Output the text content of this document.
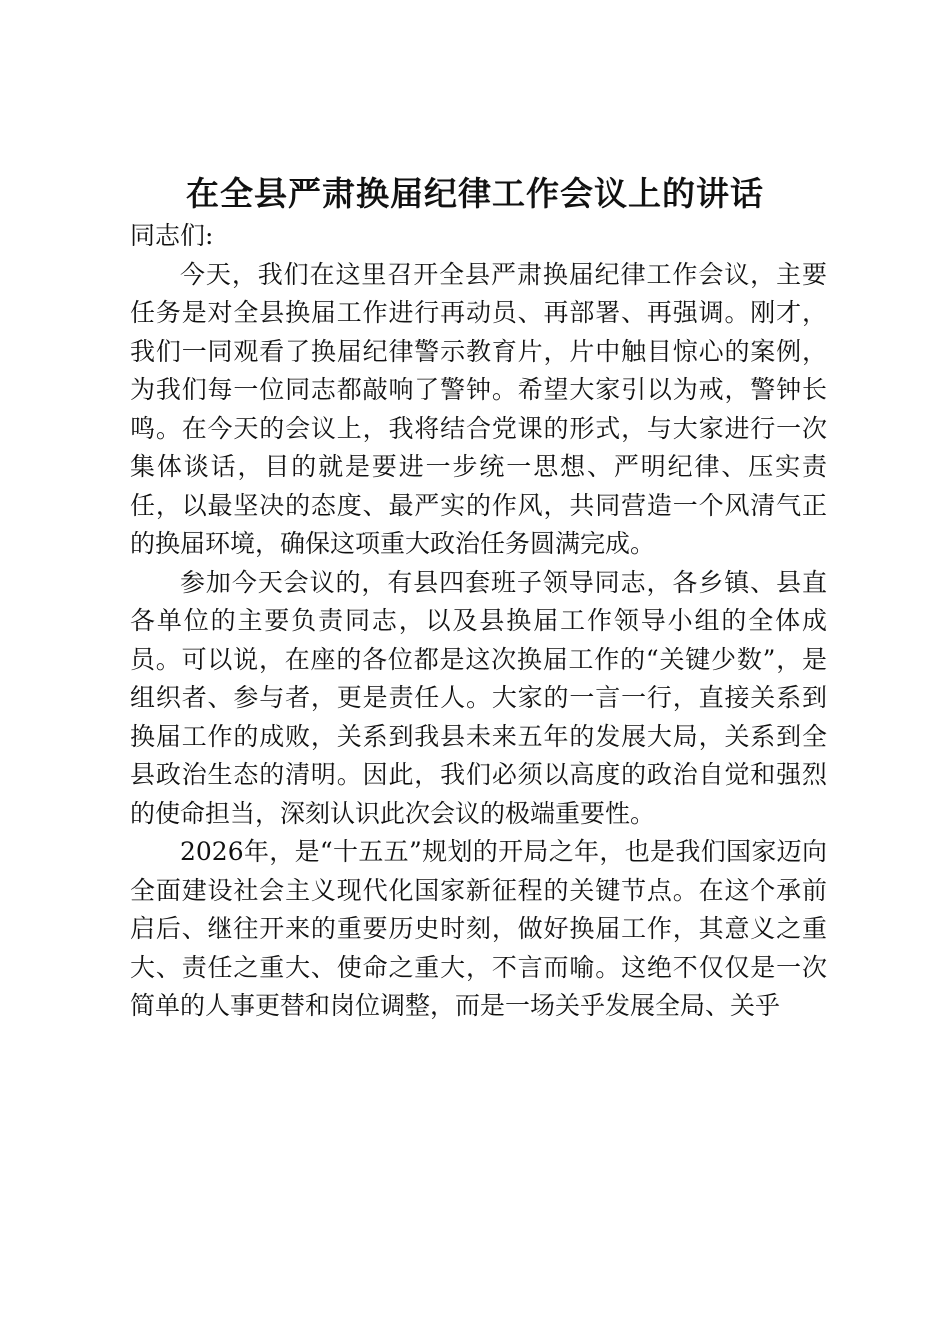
在全县严肃换届纪律工作会议上的讲话

同志们:

今天，我们在这里召开全县严肃换届纪律工作会议，主要任务是对全县换届工作进行再动员、再部署、再强调。刚才，我们一同观看了换届纪律警示教育片，片中触目惊心的案例，为我们每一位同志都敲响了警钟。希望大家引以为戒，警钟长鸣。在今天的会议上，我将结合党课的形式，与大家进行一次集体谈话，目的就是要进一步统一思想、严明纪律、压实责任，以最坚决的态度、最严实的作风，共同营造一个风清气正的换届环境，确保这项重大政治任务圆满完成。

参加今天会议的，有县四套班子领导同志，各乡镇、县直各单位的主要负责同志，以及县换届工作领导小组的全体成员。可以说，在座的各位都是这次换届工作的“关键少数”，是组织者、参与者，更是责任人。大家的一言一行，直接关系到换届工作的成败，关系到我县未来五年的发展大局，关系到全县政治生态的清明。因此，我们必须以高度的政治自觉和强烈的使命担当，深刻认识此次会议的极端重要性。

2026年，是“十五五”规划的开局之年，也是我们国家迈向全面建设社会主义现代化国家新征程的关键节点。在这个承前启后、继往开来的重要历史时刻，做好换届工作，其意义之重大、责任之重大、使命之重大，不言而喻。这绝不仅仅是一次简单的人事更替和岗位调整，而是一场关乎发展全局、关乎
